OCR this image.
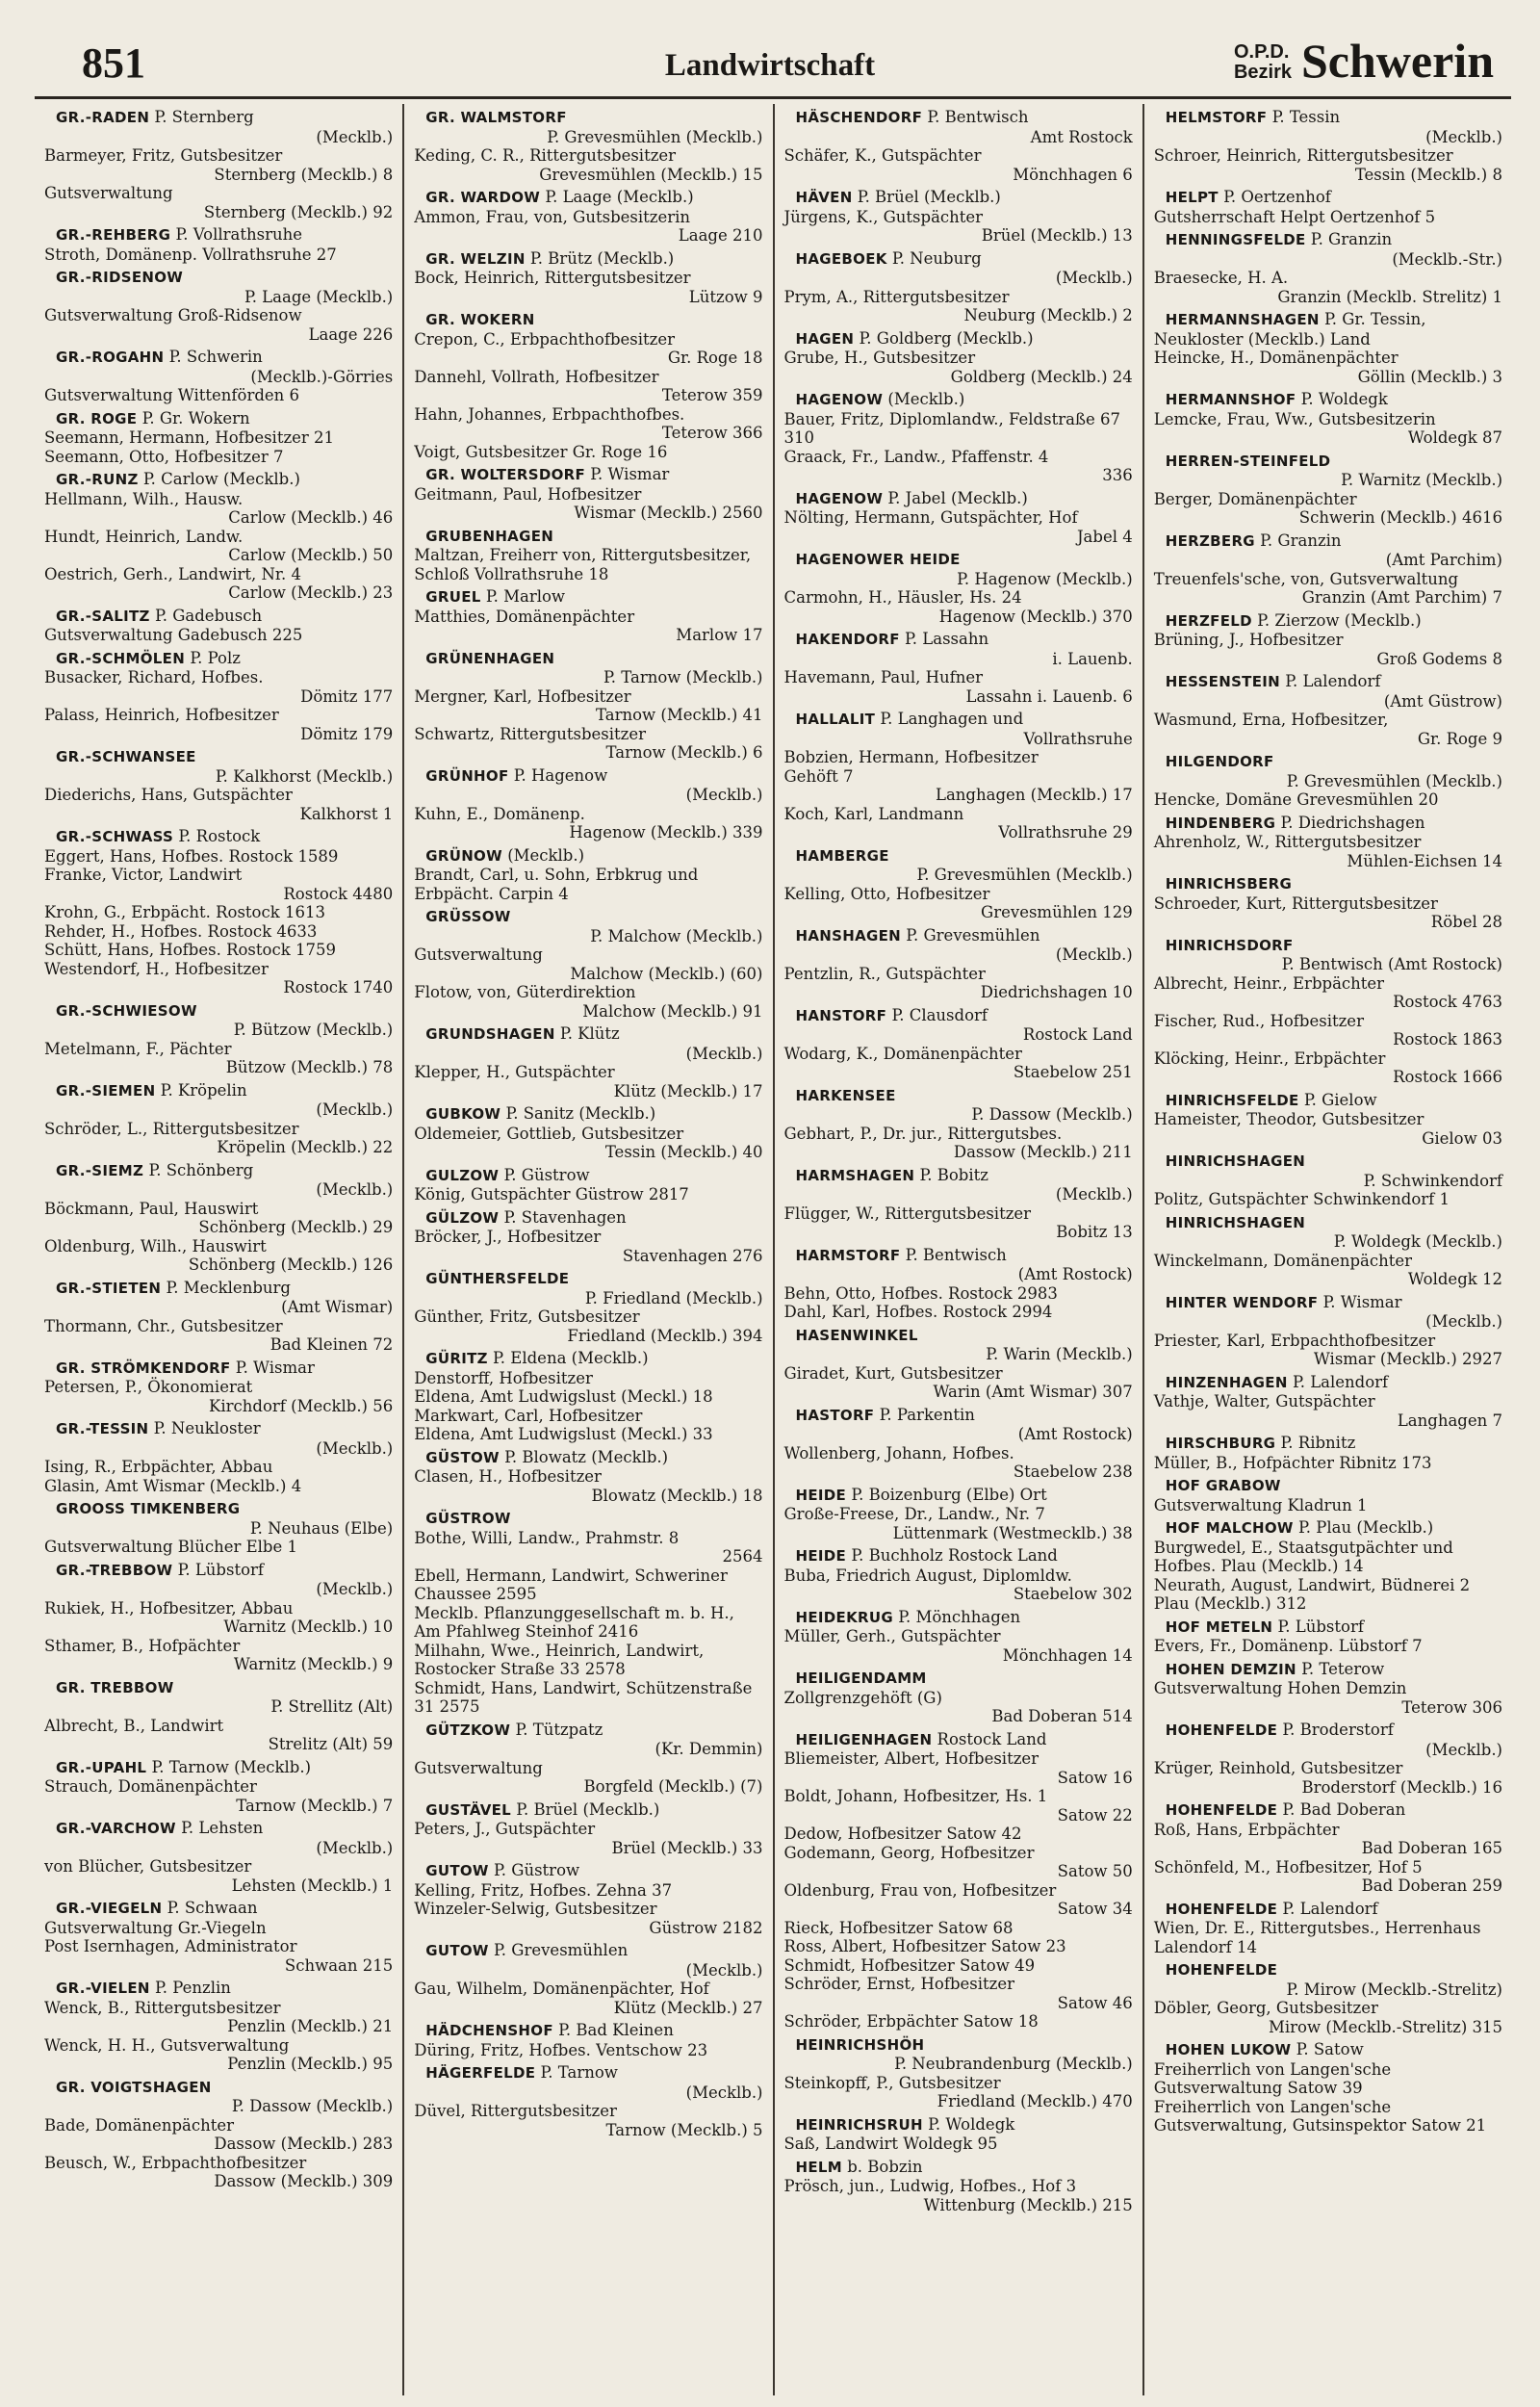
851	Landwirtschaft	O.P.D.
Bezirk Schwerin
GR.-RADEN P. Sternberg
(Mecklb.)
Barmeyer, Fritz, Gutsbesitzer
Sternberg (Mecklb.) 8
Gutsverwaltung
Sternberg (Mecklb.) 92
GR.-REHBERG P. Vollrathsruhe
Stroth, Domänenp. Vollrathsruhe 27
GR.-RIDSENOW
P. Laage (Mecklb.)
Gutsverwaltung Groß-Ridsenow
Laage 226
GR.-ROGAHN P. Schwerin
(Mecklb.)-Görries
Gutsverwaltung Wittenförden 6
GR. ROGE P. Gr. Wokern
Seemann, Hermann, Hofbesitzer 21
Seemann, Otto, Hofbesitzer 7
GR.-RUNZ P. Carlow (Mecklb.)
Hellmann, Wilh., Hausw.
Carlow (Mecklb.) 46
Hundt, Heinrich, Landw.
Carlow (Mecklb.) 50
Oestrich, Gerh., Landwirt, Nr. 4
Carlow (Mecklb.) 23
GR.-SALITZ P. Gadebusch
Gutsverwaltung Gadebusch 225
GR.-SCHMÖLEN P. Polz
Busacker, Richard, Hofbes.
Dömitz 177
Palass, Heinrich, Hofbesitzer
Dömitz 179
GR.-SCHWANSEE
P. Kalkhorst (Mecklb.)
Diederichs, Hans, Gutspächter
Kalkhorst 1
GR.-SCHWASS P. Rostock
Eggert, Hans, Hofbes. Rostock 1589
Franke, Victor, Landwirt
Rostock 4480
Krohn, G., Erbpächt. Rostock 1613
Rehder, H., Hofbes. Rostock 4633
Schütt, Hans, Hofbes. Rostock 1759
Westendorf, H., Hofbesitzer
Rostock 1740
GR.-SCHWIESOW
P. Bützow (Mecklb.)
Metelmann, F., Pächter
Bützow (Mecklb.) 78
GR.-SIEMEN P. Kröpelin
(Mecklb.)
Schröder, L., Rittergutsbesitzer
Kröpelin (Mecklb.) 22
GR.-SIEMZ P. Schönberg
(Mecklb.)
Böckmann, Paul, Hauswirt
Schönberg (Mecklb.) 29
Oldenburg, Wilh., Hauswirt
Schönberg (Mecklb.) 126
GR.-STIETEN P. Mecklenburg
(Amt Wismar)
Thormann, Chr., Gutsbesitzer
Bad Kleinen 72
GR. STRÖMKENDORF P. Wismar
Petersen, P., Ökonomierat
Kirchdorf (Mecklb.) 56
GR.-TESSIN P. Neukloster
(Mecklb.)
Ising, R., Erbpächter, Abbau
Glasin, Amt Wismar (Mecklb.) 4
GROOSS TIMKENBERG
P. Neuhaus (Elbe)
Gutsverwaltung Blücher Elbe 1
GR.-TREBBOW P. Lübstorf
(Mecklb.)
Rukiek, H., Hofbesitzer, Abbau
Warnitz (Mecklb.) 10
Sthamer, B., Hofpächter
Warnitz (Mecklb.) 9
GR. TREBBOW
P. Strellitz (Alt)
Albrecht, B., Landwirt
Strelitz (Alt) 59
GR.-UPAHL P. Tarnow (Mecklb.)
Strauch, Domänenpächter
Tarnow (Mecklb.) 7
GR.-VARCHOW P. Lehsten
(Mecklb.)
von Blücher, Gutsbesitzer
Lehsten (Mecklb.) 1
GR.-VIEGELN P. Schwaan
Gutsverwaltung Gr.-Viegeln
Post Isernhagen, Administrator
Schwaan 215
GR.-VIELEN P. Penzlin
Wenck, B., Rittergutsbesitzer
Penzlin (Mecklb.) 21
Wenck, H. H., Gutsverwaltung
Penzlin (Mecklb.) 95
GR. VOIGTSHAGEN
P. Dassow (Mecklb.)
Bade, Domänenpächter
Dassow (Mecklb.) 283
Beusch, W., Erbpachthofbesitzer
Dassow (Mecklb.) 309
GR. WALMSTORF
P. Grevesmühlen (Mecklb.)
Keding, C. R., Rittergutsbesitzer
Grevesmühlen (Mecklb.) 15
GR. WARDOW P. Laage (Mecklb.)
Ammon, Frau, von, Gutsbesitzerin
Laage 210
GR. WELZIN P. Brütz (Mecklb.)
Bock, Heinrich, Rittergutsbesitzer
Lützow 9
GR. WOKERN
Crepon, C., Erbpachthofbesitzer
Gr. Roge 18
Dannehl, Vollrath, Hofbesitzer
Teterow 359
Hahn, Johannes, Erbpachthofbes.
Teterow 366
Voigt, Gutsbesitzer Gr. Roge 16
GR. WOLTERSDORF P. Wismar
Geitmann, Paul, Hofbesitzer
Wismar (Mecklb.) 2560
GRUBENHAGEN
Maltzan, Freiherr von, Rittergutsbesitzer, Schloß Vollrathsruhe 18
GRUEL P. Marlow
Matthies, Domänenpächter
Marlow 17
GRÜNENHAGEN
P. Tarnow (Mecklb.)
Mergner, Karl, Hofbesitzer
Tarnow (Mecklb.) 41
Schwartz, Rittergutsbesitzer
Tarnow (Mecklb.) 6
GRÜNHOF P. Hagenow
(Mecklb.)
Kuhn, E., Domänenp.
Hagenow (Mecklb.) 339
GRÜNOW (Mecklb.)
Brandt, Carl, u. Sohn, Erbkrug und Erbpächt. Carpin 4
GRÜSSOW
P. Malchow (Mecklb.)
Gutsverwaltung
Malchow (Mecklb.) (60)
Flotow, von, Güterdirektion
Malchow (Mecklb.) 91
GRUNDSHAGEN P. Klütz
(Mecklb.)
Klepper, H., Gutspächter
Klütz (Mecklb.) 17
GUBKOW P. Sanitz (Mecklb.)
Oldemeier, Gottlieb, Gutsbesitzer
Tessin (Mecklb.) 40
GULZOW P. Güstrow
König, Gutspächter Güstrow 2817
GÜLZOW P. Stavenhagen
Bröcker, J., Hofbesitzer
Stavenhagen 276
GÜNTHERSFELDE
P. Friedland (Mecklb.)
Günther, Fritz, Gutsbesitzer
Friedland (Mecklb.) 394
GÜRITZ P. Eldena (Mecklb.)
Denstorff, Hofbesitzer
Eldena, Amt Ludwigslust (Meckl.) 18
Markwart, Carl, Hofbesitzer
Eldena, Amt Ludwigslust (Meckl.) 33
GÜSTOW P. Blowatz (Mecklb.)
Clasen, H., Hofbesitzer
Blowatz (Mecklb.) 18
GÜSTROW
Bothe, Willi, Landw., Prahmstr. 8
2564
Ebell, Hermann, Landwirt, Schweriner Chaussee 2595
Mecklb. Pflanzunggesellschaft m. b. H., Am Pfahlweg Steinhof 2416
Milhahn, Wwe., Heinrich, Landwirt, Rostocker Straße 33 2578
Schmidt, Hans, Landwirt, Schützenstraße 31 2575
GÜTZKOW P. Tützpatz
(Kr. Demmin)
Gutsverwaltung
Borgfeld (Mecklb.) (7)
GUSTÄVEL P. Brüel (Mecklb.)
Peters, J., Gutspächter
Brüel (Mecklb.) 33
GUTOW P. Güstrow
Kelling, Fritz, Hofbes. Zehna 37
Winzeler-Selwig, Gutsbesitzer
Güstrow 2182
GUTOW P. Grevesmühlen
(Mecklb.)
Gau, Wilhelm, Domänenpächter, Hof
Klütz (Mecklb.) 27
HÄDCHENSHOF P. Bad Kleinen
Düring, Fritz, Hofbes. Ventschow 23
HÄGERFELDE P. Tarnow
(Mecklb.)
Düvel, Rittergutsbesitzer
Tarnow (Mecklb.) 5
HÄSCHENDORF P. Bentwisch
Amt Rostock
Schäfer, K., Gutspächter
Mönchhagen 6
HÄVEN P. Brüel (Mecklb.)
Jürgens, K., Gutspächter
Brüel (Mecklb.) 13
HAGEBOEK P. Neuburg
(Mecklb.)
Prym, A., Rittergutsbesitzer
Neuburg (Mecklb.) 2
HAGEN P. Goldberg (Mecklb.)
Grube, H., Gutsbesitzer
Goldberg (Mecklb.) 24
HAGENOW (Mecklb.)
Bauer, Fritz, Diplomlandw., Feldstraße 67 310
Graack, Fr., Landw., Pfaffenstr. 4
336
HAGENOW P. Jabel (Mecklb.)
Nölting, Hermann, Gutspächter, Hof
Jabel 4
HAGENOWER HEIDE
P. Hagenow (Mecklb.)
Carmohn, H., Häusler, Hs. 24
Hagenow (Mecklb.) 370
HAKENDORF P. Lassahn
i. Lauenb.
Havemann, Paul, Hufner
Lassahn i. Lauenb. 6
HALLALIT P. Langhagen und
Vollrathsruhe
Bobzien, Hermann, Hofbesitzer
Gehöft 7
Langhagen (Mecklb.) 17
Koch, Karl, Landmann
Vollrathsruhe 29
HAMBERGE
P. Grevesmühlen (Mecklb.)
Kelling, Otto, Hofbesitzer
Grevesmühlen 129
HANSHAGEN P. Grevesmühlen
(Mecklb.)
Pentzlin, R., Gutspächter
Diedrichshagen 10
HANSTORF P. Clausdorf
Rostock Land
Wodarg, K., Domänenpächter
Staebelow 251
HARKENSEE
P. Dassow (Mecklb.)
Gebhart, P., Dr. jur., Rittergutsbes.
Dassow (Mecklb.) 211
HARMSHAGEN P. Bobitz
(Mecklb.)
Flügger, W., Rittergutsbesitzer
Bobitz 13
HARMSTORF P. Bentwisch
(Amt Rostock)
Behn, Otto, Hofbes. Rostock 2983
Dahl, Karl, Hofbes. Rostock 2994
HASENWINKEL
P. Warin (Mecklb.)
Giradet, Kurt, Gutsbesitzer
Warin (Amt Wismar) 307
HASTORF P. Parkentin
(Amt Rostock)
Wollenberg, Johann, Hofbes.
Staebelow 238
HEIDE P. Boizenburg (Elbe) Ort
Große-Freese, Dr., Landw., Nr. 7
Lüttenmark (Westmecklb.) 38
HEIDE P. Buchholz Rostock Land
Buba, Friedrich August, Diplomldw.
Staebelow 302
HEIDEKRUG P. Mönchhagen
Müller, Gerh., Gutspächter
Mönchhagen 14
HEILIGENDAMM
Zollgrenzgehöft (G)
Bad Doberan 514
HEILIGENHAGEN Rostock Land
Bliemeister, Albert, Hofbesitzer
Satow 16
Boldt, Johann, Hofbesitzer, Hs. 1
Satow 22
Dedow, Hofbesitzer Satow 42
Godemann, Georg, Hofbesitzer
Satow 50
Oldenburg, Frau von, Hofbesitzer
Satow 34
Rieck, Hofbesitzer Satow 68
Ross, Albert, Hofbesitzer Satow 23
Schmidt, Hofbesitzer Satow 49
Schröder, Ernst, Hofbesitzer
Satow 46
Schröder, Erbpächter Satow 18
HEINRICHSHÖH
P. Neubrandenburg (Mecklb.)
Steinkopff, P., Gutsbesitzer
Friedland (Mecklb.) 470
HEINRICHSRUH P. Woldegk
Saß, Landwirt Woldegk 95
HELM b. Bobzin
Prösch, jun., Ludwig, Hofbes., Hof 3
Wittenburg (Mecklb.) 215
HELMSTORF P. Tessin
(Mecklb.)
Schroer, Heinrich, Rittergutsbesitzer
Tessin (Mecklb.) 8
HELPT P. Oertzenhof
Gutsherrschaft Helpt Oertzenhof 5
HENNINGSFELDE P. Granzin
(Mecklb.-Str.)
Braesecke, H. A.
Granzin (Mecklb. Strelitz) 1
HERMANNSHAGEN P. Gr. Tessin, Neukloster (Mecklb.) Land
Heincke, H., Domänenpächter
Göllin (Mecklb.) 3
HERMANNSHOF P. Woldegk
Lemcke, Frau, Ww., Gutsbesitzerin
Woldegk 87
HERREN-STEINFELD
P. Warnitz (Mecklb.)
Berger, Domänenpächter
Schwerin (Mecklb.) 4616
HERZBERG P. Granzin
(Amt Parchim)
Treuenfels'sche, von, Gutsverwaltung
Granzin (Amt Parchim) 7
HERZFELD P. Zierzow (Mecklb.)
Brüning, J., Hofbesitzer
Groß Godems 8
HESSENSTEIN P. Lalendorf
(Amt Güstrow)
Wasmund, Erna, Hofbesitzer,
Gr. Roge 9
HILGENDORF
P. Grevesmühlen (Mecklb.)
Hencke, Domäne Grevesmühlen 20
HINDENBERG P. Diedrichshagen
Ahrenholz, W., Rittergutsbesitzer
Mühlen-Eichsen 14
HINRICHSBERG
Schroeder, Kurt, Rittergutsbesitzer
Röbel 28
HINRICHSDORF
P. Bentwisch (Amt Rostock)
Albrecht, Heinr., Erbpächter
Rostock 4763
Fischer, Rud., Hofbesitzer
Rostock 1863
Klöcking, Heinr., Erbpächter
Rostock 1666
HINRICHSFELDE P. Gielow
Hameister, Theodor, Gutsbesitzer
Gielow 03
HINRICHSHAGEN
P. Schwinkendorf
Politz, Gutspächter Schwinkendorf 1
HINRICHSHAGEN
P. Woldegk (Mecklb.)
Winckelmann, Domänenpächter
Woldegk 12
HINTER WENDORF P. Wismar
(Mecklb.)
Priester, Karl, Erbpachthofbesitzer
Wismar (Mecklb.) 2927
HINZENHAGEN P. Lalendorf
Vathje, Walter, Gutspächter
Langhagen 7
HIRSCHBURG P. Ribnitz
Müller, B., Hofpächter Ribnitz 173
HOF GRABOW
Gutsverwaltung Kladrun 1
HOF MALCHOW P. Plau (Mecklb.)
Burgwedel, E., Staatsgutpächter und
Hofbes. Plau (Mecklb.) 14
Neurath, August, Landwirt, Büdnerei 2 Plau (Mecklb.) 312
HOF METELN P. Lübstorf
Evers, Fr., Domänenp. Lübstorf 7
HOHEN DEMZIN P. Teterow
Gutsverwaltung Hohen Demzin
Teterow 306
HOHENFELDE P. Broderstorf
(Mecklb.)
Krüger, Reinhold, Gutsbesitzer
Broderstorf (Mecklb.) 16
HOHENFELDE P. Bad Doberan
Roß, Hans, Erbpächter
Bad Doberan 165
Schönfeld, M., Hofbesitzer, Hof 5
Bad Doberan 259
HOHENFELDE P. Lalendorf
Wien, Dr. E., Rittergutsbes., Herrenhaus Lalendorf 14
HOHENFELDE
P. Mirow (Mecklb.-Strelitz)
Döbler, Georg, Gutsbesitzer
Mirow (Mecklb.-Strelitz) 315
HOHEN LUKOW P. Satow
Freiherrlich von Langen'sche Gutsverwaltung Satow 39
Freiherrlich von Langen'sche Gutsverwaltung, Gutsinspektor Satow 21
